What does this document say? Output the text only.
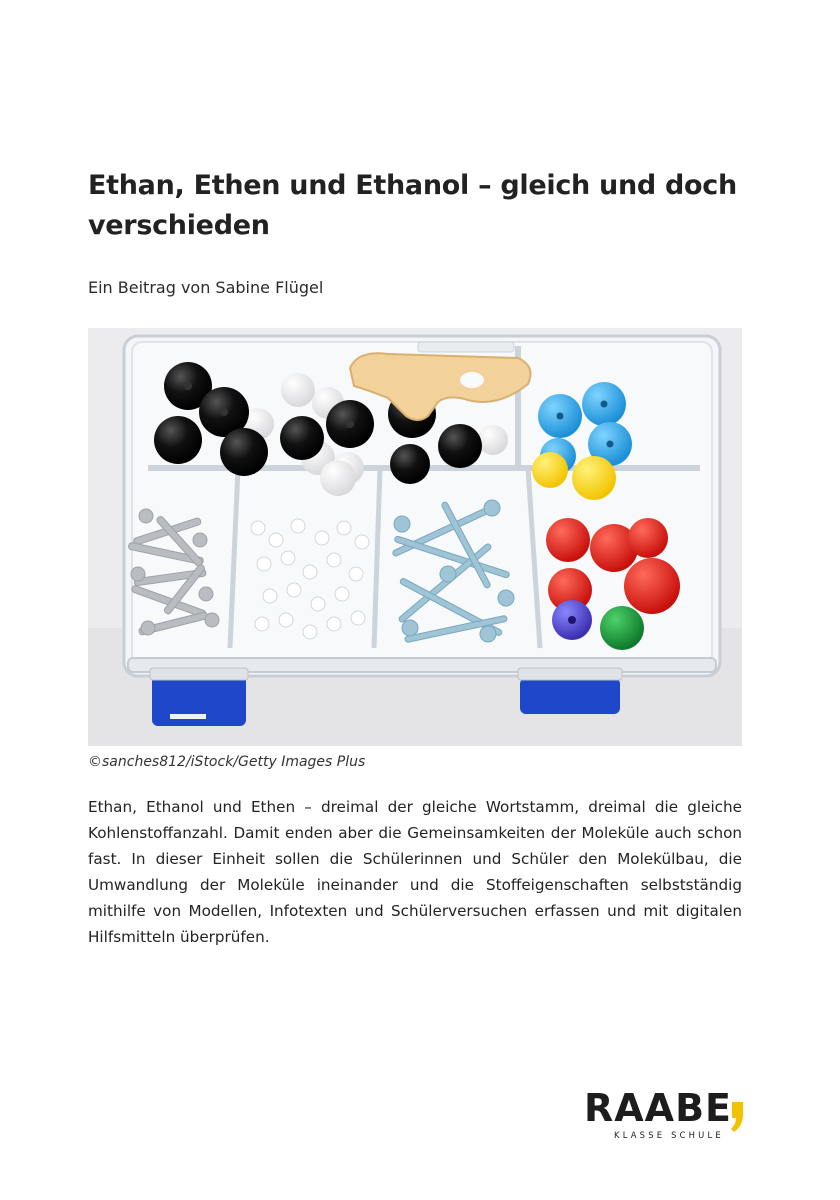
Ethan, Ethen und Ethanol – gleich und doch verschieden
Ein Beitrag von Sabine Flügel
©sanches812/iStock/Getty Images Plus

Ethan, Ethanol und Ethen – dreimal der gleiche Wortstamm, dreimal die gleiche Kohlenstoffanzahl. Damit enden aber die Gemeinsamkeiten der Moleküle auch schon fast. In dieser Einheit sollen die Schülerinnen und Schüler den Molekülbau, die Umwandlung der Moleküle ineinander und die Stoffeigenschaften selbstständig mithilfe von Modellen, Infotexten und Schülerversuchen erfassen und mit digitalen Hilfsmitteln überprüfen.

RAABE
KLASSE SCHULE
